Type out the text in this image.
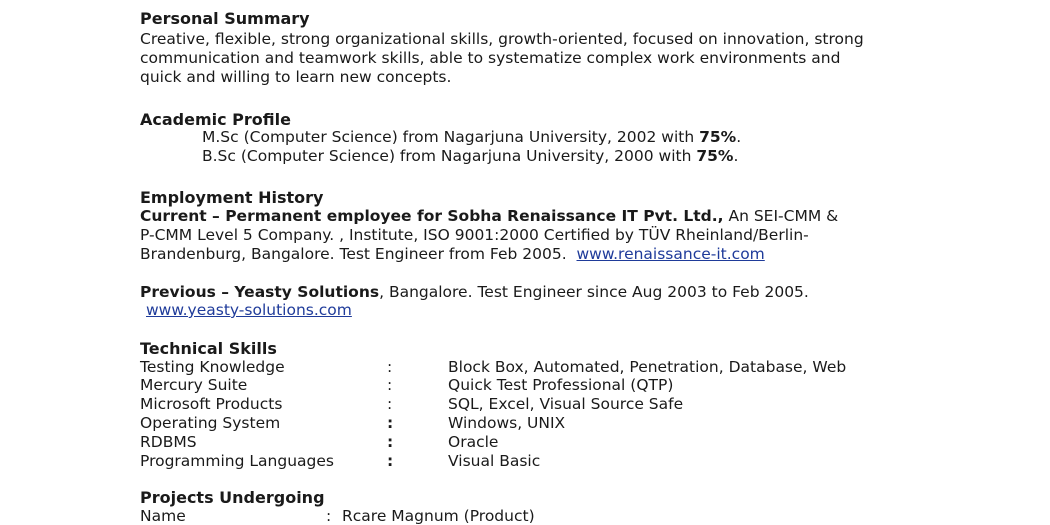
Personal Summary
Creative, flexible, strong organizational skills, growth-oriented, focused on innovation, strong
communication and teamwork skills, able to systematize complex work environments and
quick and willing to learn new concepts.
Academic Profile
M.Sc (Computer Science) from Nagarjuna University, 2002 with 75%.
B.Sc (Computer Science) from Nagarjuna University, 2000 with 75%.
Employment History
Current – Permanent employee for Sobha Renaissance IT Pvt. Ltd., An SEI-CMM &
P-CMM Level 5 Company. , Institute, ISO 9001:2000 Certified by TÜV Rheinland/Berlin-
Brandenburg, Bangalore. Test Engineer from Feb 2005. www.renaissance-it.com
Previous – Yeasty Solutions, Bangalore. Test Engineer since Aug 2003 to Feb 2005.
www.yeasty-solutions.com
Technical Skills
Testing Knowledge	:	Block Box, Automated, Penetration, Database, Web
Mercury Suite	:	Quick Test Professional (QTP)
Microsoft Products	:	SQL, Excel, Visual Source Safe
Operating System	:	Windows, UNIX
RDBMS	:	Oracle
Programming Languages	:	Visual Basic
Projects Undergoing
Name	: Rcare Magnum (Product)
